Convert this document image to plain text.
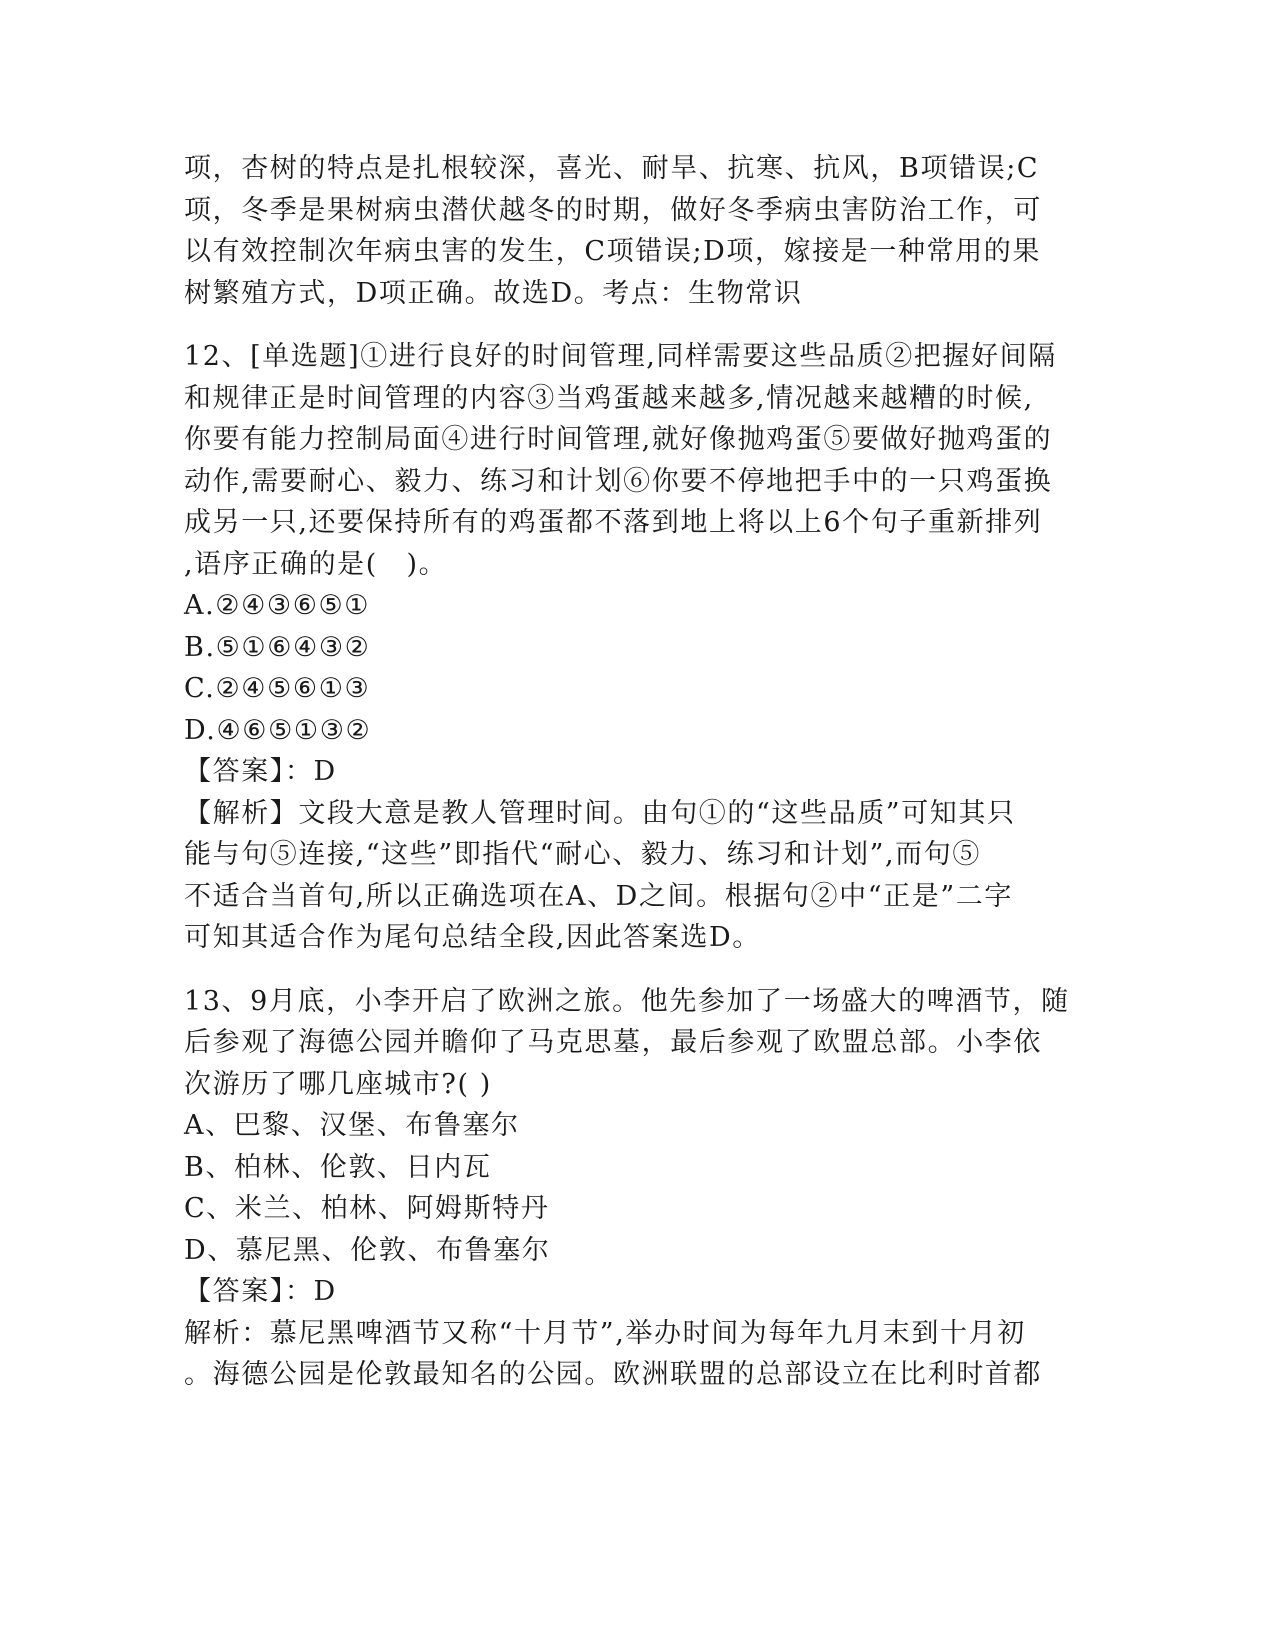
项，杏树的特点是扎根较深，喜光、耐旱、抗寒、抗风，B项错误;C
项，冬季是果树病虫潜伏越冬的时期，做好冬季病虫害防治工作，可
以有效控制次年病虫害的发生，C项错误;D项，嫁接是一种常用的果
树繁殖方式，D项正确。故选D。考点：生物常识
12、[单选题]①进行良好的时间管理,同样需要这些品质②把握好间隔
和规律正是时间管理的内容③当鸡蛋越来越多,情况越来越糟的时候,
你要有能力控制局面④进行时间管理,就好像抛鸡蛋⑤要做好抛鸡蛋的
动作,需要耐心、毅力、练习和计划⑥你要不停地把手中的一只鸡蛋换
成另一只,还要保持所有的鸡蛋都不落到地上将以上6个句子重新排列
,语序正确的是(　)。
A.②④③⑥⑤①
B.⑤①⑥④③②
C.②④⑤⑥①③
D.④⑥⑤①③②
【答案】：D
【解析】文段大意是教人管理时间。由句①的“这些品质”可知其只
能与句⑤连接,“这些”即指代“耐心、毅力、练习和计划”,而句⑤
不适合当首句,所以正确选项在A、D之间。根据句②中“正是”二字
可知其适合作为尾句总结全段,因此答案选D。
13、9月底，小李开启了欧洲之旅。他先参加了一场盛大的啤酒节，随
后参观了海德公园并瞻仰了马克思墓，最后参观了欧盟总部。小李依
次游历了哪几座城市?( )
A、巴黎、汉堡、布鲁塞尔
B、柏林、伦敦、日内瓦
C、米兰、柏林、阿姆斯特丹
D、慕尼黑、伦敦、布鲁塞尔
【答案】：D
解析：慕尼黑啤酒节又称“十月节”,举办时间为每年九月末到十月初
。海德公园是伦敦最知名的公园。欧洲联盟的总部设立在比利时首都
